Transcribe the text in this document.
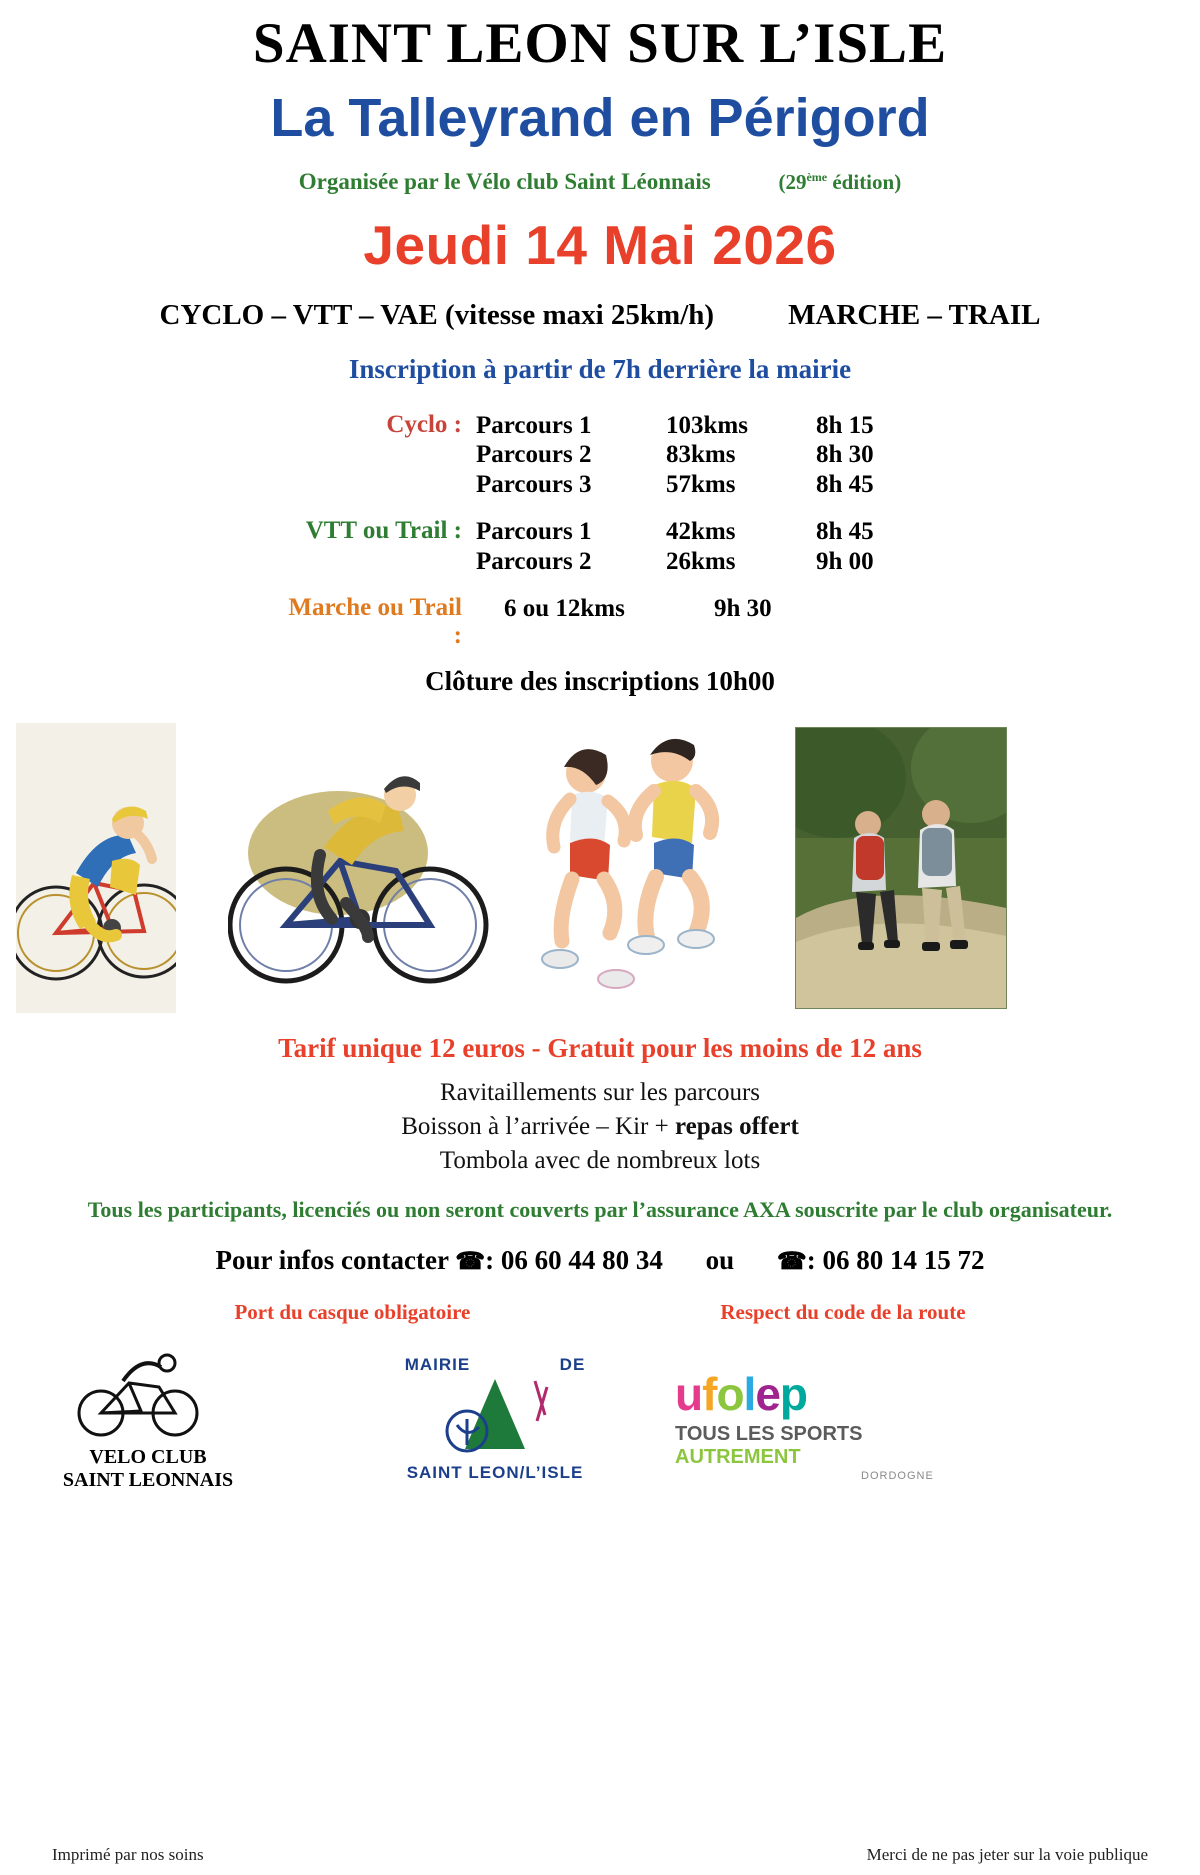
SAINT LEON SUR L’ISLE
La Talleyrand en Périgord
Organisée par le Vélo club Saint Léonnais	(29ème édition)
Jeudi 14 Mai 2026
CYCLO – VTT – VAE (vitesse maxi 25km/h)	MARCHE – TRAIL
Inscription à partir de 7h derrière la mairie
Cyclo : Parcours 1	103kms	8h 15
Parcours 2	83kms	8h 30
Parcours 3	57kms	8h 45
VTT ou Trail : Parcours 1	42kms	8h 45
Parcours 2	26kms	9h 00
Marche ou Trail :
6 ou 12kms	9h 30
Clôture des inscriptions 10h00
Tarif unique 12 euros - Gratuit pour les moins de 12 ans
Ravitaillements sur les parcours
Boisson à l’arrivée – Kir + repas offert
Tombola avec de nombreux lots
Tous les participants, licenciés ou non seront couverts par l’assurance AXA souscrite par le club organisateur.
Pour infos contacter ☎: 06 60 44 80 34 ou ☎: 06 80 14 15 72
Port du casque obligatoire	Respect du code de la route
VELO CLUB
SAINT LEONNAIS
MAIRIE	DE
SAINT LEON/L’ISLE
ufolep
TOUS LES SPORTS AUTREMENT
DORDOGNE
Imprimé par nos soins	Merci de ne pas jeter sur la voie publique
